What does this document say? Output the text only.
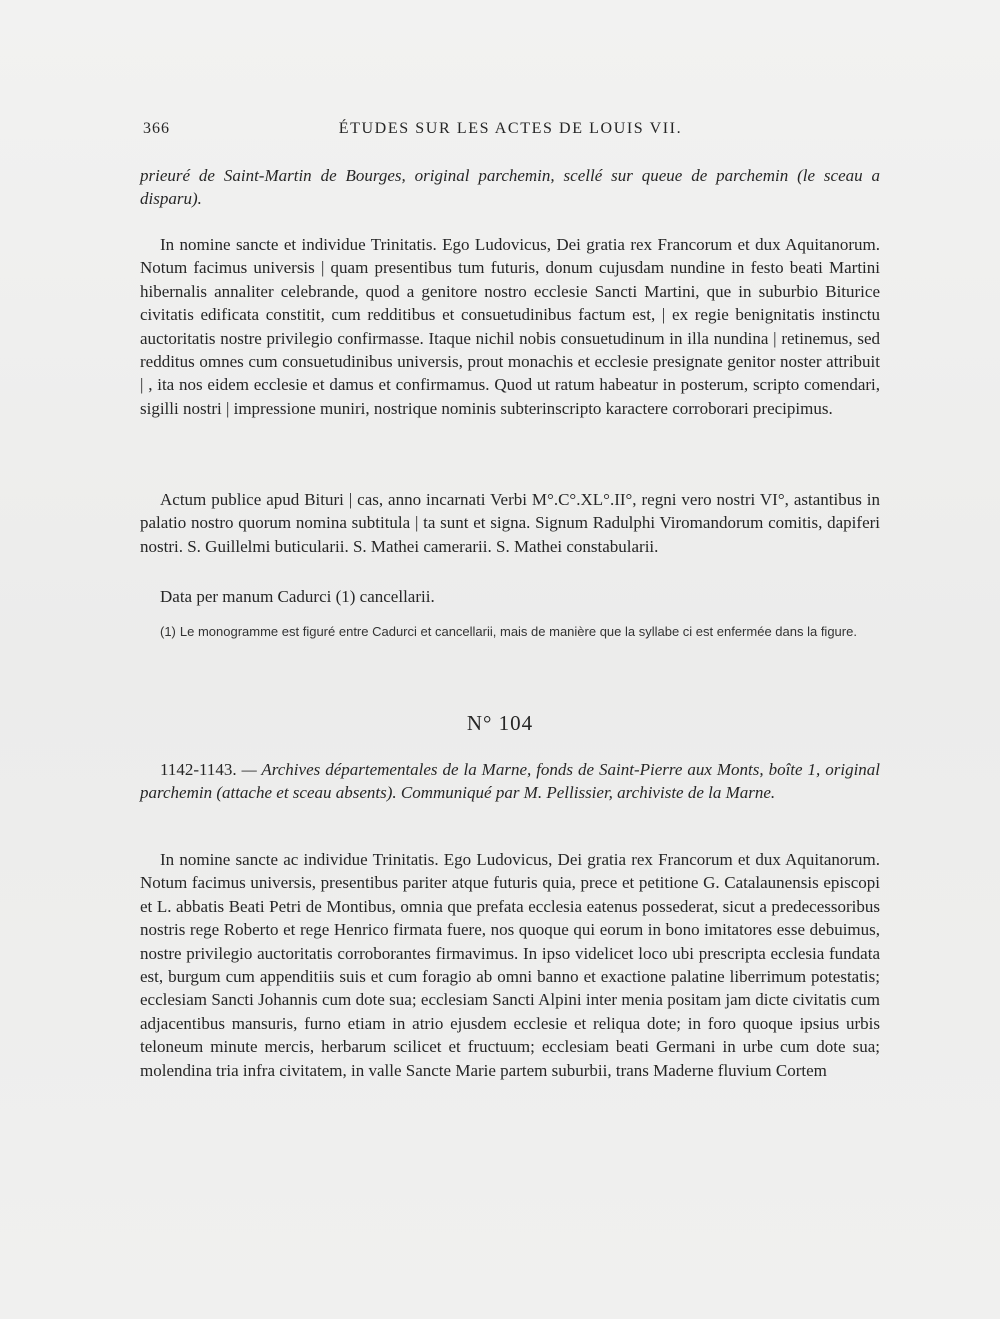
366	ÉTUDES SUR LES ACTES DE LOUIS VII.
prieuré de Saint-Martin de Bourges, original parchemin, scellé sur queue de parchemin (le sceau a disparu).
In nomine sancte et individue Trinitatis. Ego Ludovicus, Dei gratia rex Francorum et dux Aquitanorum. Notum facimus universis | quam presentibus tum futuris, donum cujusdam nundine in festo beati Martini hibernalis annaliter celebrande, quod a genitore nostro ecclesie Sancti Martini, que in suburbio Biturice civitatis edificata constitit, cum redditibus et consuetudinibus factum est, | ex regie benignitatis instinctu auctoritatis nostre privilegio confirmasse. Itaque nichil nobis consuetudinum in illa nundina | retinemus, sed redditus omnes cum consuetudinibus universis, prout monachis et ecclesie presignate genitor noster attribuit | , ita nos eidem ecclesie et damus et confirmamus. Quod ut ratum habeatur in posterum, scripto comendari, sigilli nostri | impressione muniri, nostrique nominis subterinscripto karactere corroborari precipimus.
Actum publice apud Bituri | cas, anno incarnati Verbi M°.C°.XL°.II°, regni vero nostri VI°, astantibus in palatio nostro quorum nomina subtitula | ta sunt et signa. Signum Radulphi Viromandorum comitis, dapiferi nostri. S. Guillelmi buticularii. S. Mathei camerarii. S. Mathei constabularii.
Data per manum Cadurci (1) cancellarii.
(1) Le monogramme est figuré entre Cadurci et cancellarii, mais de manière que la syllabe ci est enfermée dans la figure.
N° 104
1142-1143. — Archives départementales de la Marne, fonds de Saint-Pierre aux Monts, boîte 1, original parchemin (attache et sceau absents). Communiqué par M. Pellissier, archiviste de la Marne.
In nomine sancte ac individue Trinitatis. Ego Ludovicus, Dei gratia rex Francorum et dux Aquitanorum. Notum facimus universis, presentibus pariter atque futuris quia, prece et petitione G. Catalaunensis episcopi et L. abbatis Beati Petri de Montibus, omnia que prefata ecclesia eatenus possederat, sicut a predecessoribus nostris rege Roberto et rege Henrico firmata fuere, nos quoque qui eorum in bono imitatores esse debuimus, nostre privilegio auctoritatis corroborantes firmavimus. In ipso videlicet loco ubi prescripta ecclesia fundata est, burgum cum appenditiis suis et cum foragio ab omni banno et exactione palatine liberrimum potestatis; ecclesiam Sancti Johannis cum dote sua; ecclesiam Sancti Alpini inter menia positam jam dicte civitatis cum adjacentibus mansuris, furno etiam in atrio ejusdem ecclesie et reliqua dote; in foro quoque ipsius urbis teloneum minute mercis, herbarum scilicet et fructuum; ecclesiam beati Germani in urbe cum dote sua; molendina tria infra civitatem, in valle Sancte Marie partem suburbii, trans Maderne fluvium Cortem
